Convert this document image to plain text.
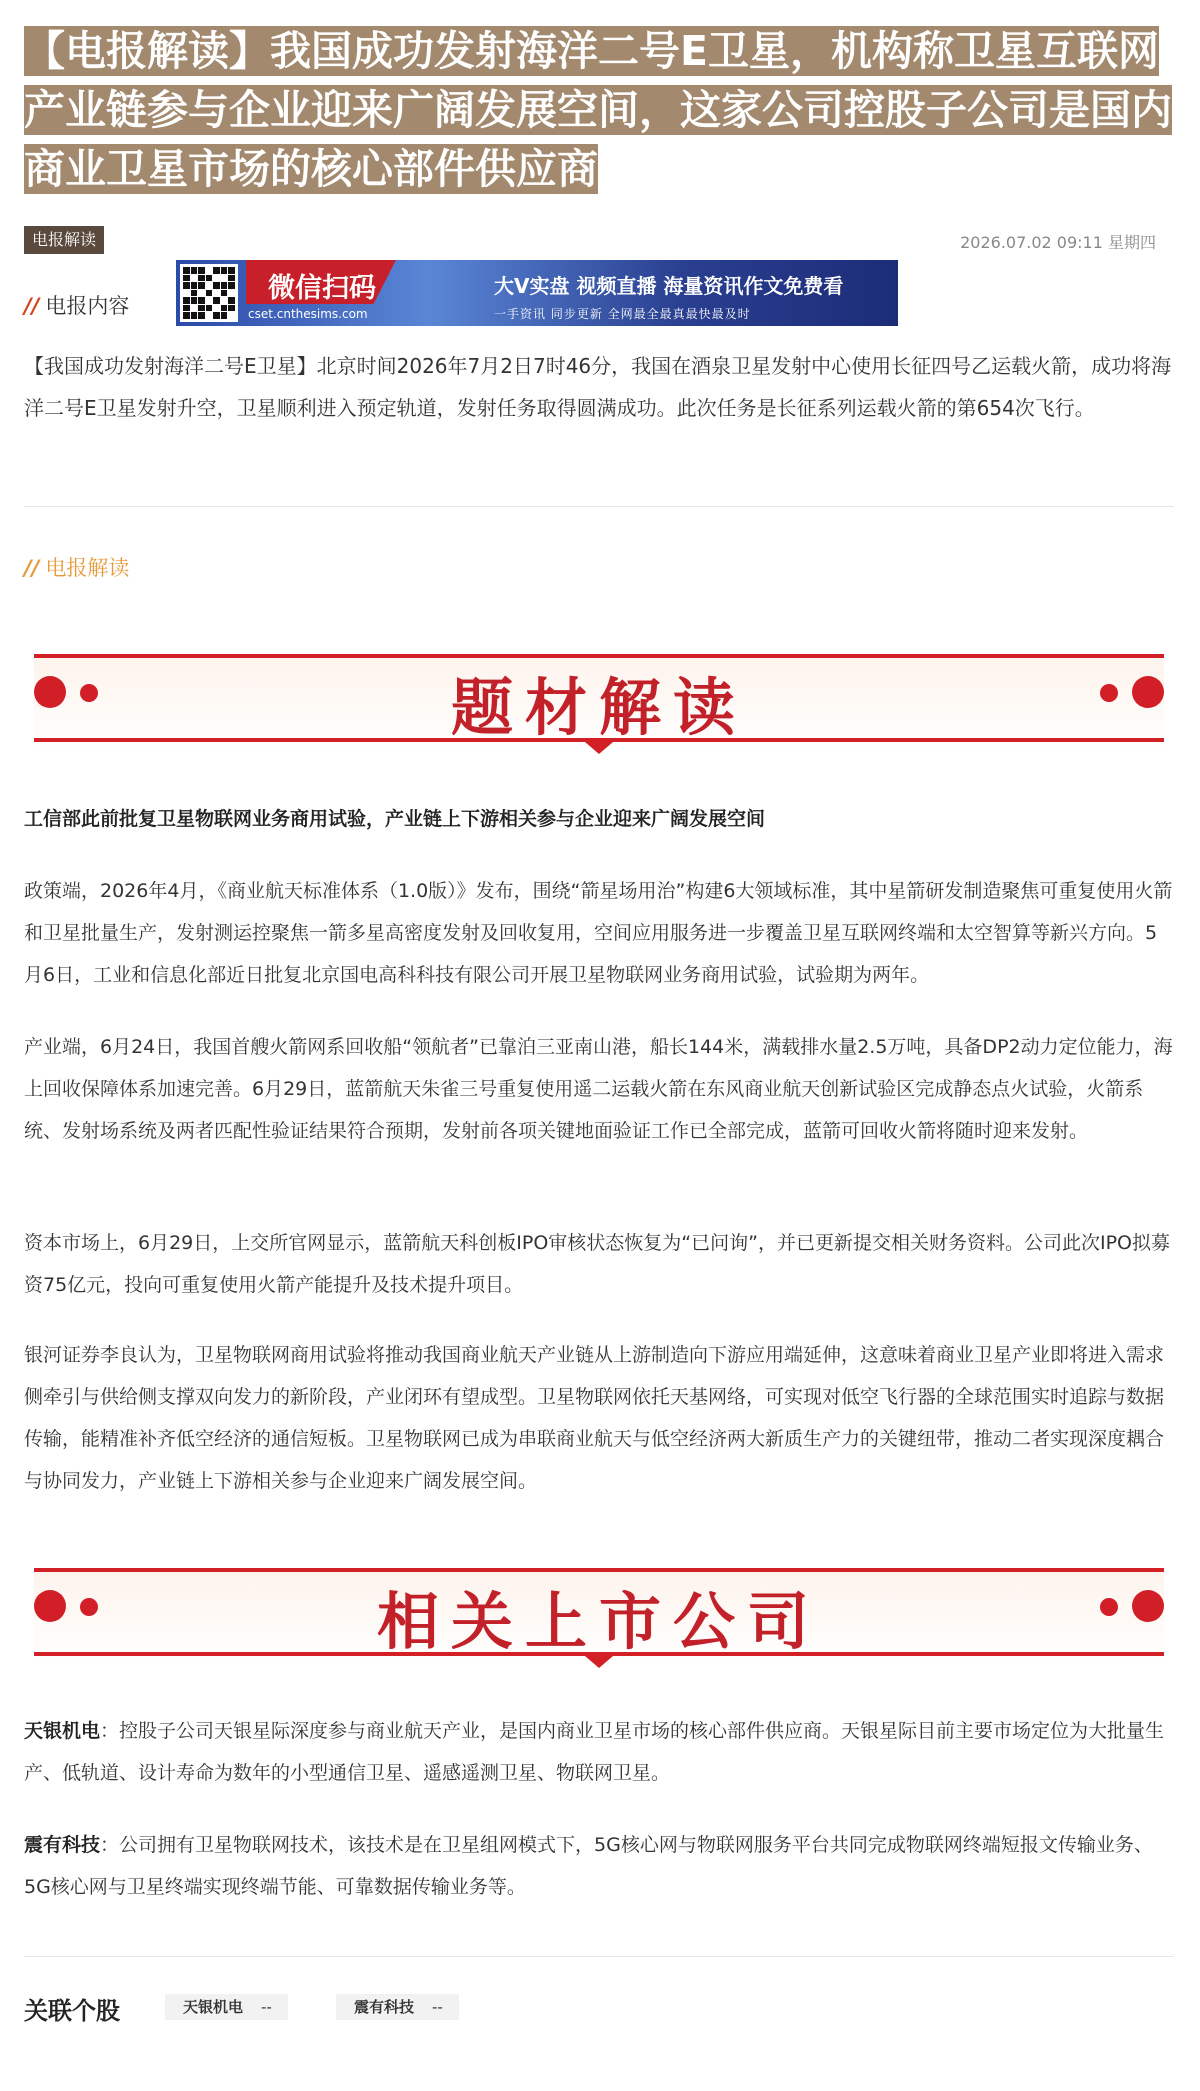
【电报解读】我国成功发射海洋二号E卫星，机构称卫星互联网产业链参与企业迎来广阔发展空间，这家公司控股子公司是国内商业卫星市场的核心部件供应商
电报解读	2026.07.02 09:11 星期四
// 电报内容
微信扫码
cset.cnthesims.com
大V实盘 视频直播 海量资讯作文免费看
一手资讯 同步更新 全网最全最真最快最及时

【我国成功发射海洋二号E卫星】北京时间2026年7月2日7时46分，我国在酒泉卫星发射中心使用长征四号乙运载火箭，成功将海洋二号E卫星发射升空，卫星顺利进入预定轨道，发射任务取得圆满成功。此次任务是长征系列运载火箭的第654次飞行。

// 电报解读
题材解读

工信部此前批复卫星物联网业务商用试验，产业链上下游相关参与企业迎来广阔发展空间

政策端，2026年4月，《商业航天标准体系（1.0版）》发布，围绕“箭星场用治”构建6大领域标准，其中星箭研发制造聚焦可重复使用火箭和卫星批量生产，发射测运控聚焦一箭多星高密度发射及回收复用，空间应用服务进一步覆盖卫星互联网终端和太空智算等新兴方向。5月6日，工业和信息化部近日批复北京国电高科科技有限公司开展卫星物联网业务商用试验，试验期为两年。

产业端，6月24日，我国首艘火箭网系回收船“领航者”已靠泊三亚南山港，船长144米，满载排水量2.5万吨，具备DP2动力定位能力，海上回收保障体系加速完善。6月29日，蓝箭航天朱雀三号重复使用遥二运载火箭在东风商业航天创新试验区完成静态点火试验，火箭系统、发射场系统及两者匹配性验证结果符合预期，发射前各项关键地面验证工作已全部完成，蓝箭可回收火箭将随时迎来发射。

资本市场上，6月29日，上交所官网显示，蓝箭航天科创板IPO审核状态恢复为“已问询”，并已更新提交相关财务资料。公司此次IPO拟募资75亿元，投向可重复使用火箭产能提升及技术提升项目。

银河证券李良认为，卫星物联网商用试验将推动我国商业航天产业链从上游制造向下游应用端延伸，这意味着商业卫星产业即将进入需求侧牵引与供给侧支撑双向发力的新阶段，产业闭环有望成型。卫星物联网依托天基网络，可实现对低空飞行器的全球范围实时追踪与数据传输，能精准补齐低空经济的通信短板。卫星物联网已成为串联商业航天与低空经济两大新质生产力的关键纽带，推动二者实现深度耦合与协同发力，产业链上下游相关参与企业迎来广阔发展空间。

相关上市公司

天银机电：控股子公司天银星际深度参与商业航天产业，是国内商业卫星市场的核心部件供应商。天银星际目前主要市场定位为大批量生产、低轨道、设计寿命为数年的小型通信卫星、遥感遥测卫星、物联网卫星。

震有科技：公司拥有卫星物联网技术，该技术是在卫星组网模式下，5G核心网与物联网服务平台共同完成物联网终端短报文传输业务、5G核心网与卫星终端实现终端节能、可靠数据传输业务等。

关联个股	天银机电 --	震有科技 --
